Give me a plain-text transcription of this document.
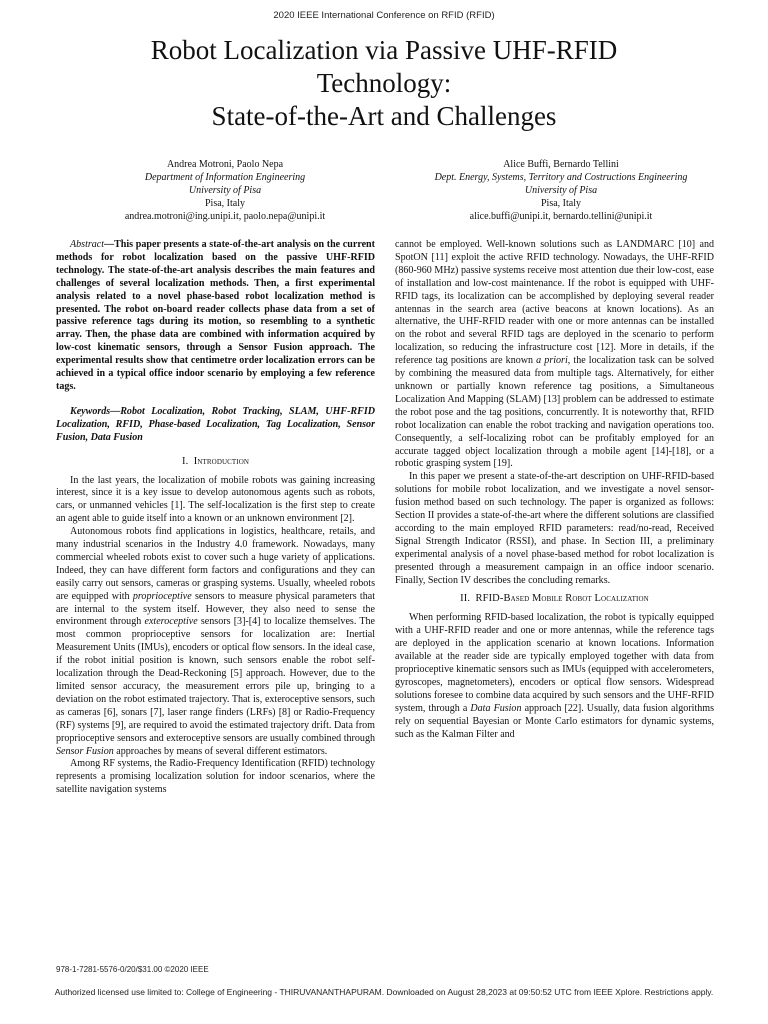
2020 IEEE International Conference on RFID (RFID)
Robot Localization via Passive UHF-RFID
Technology:
State-of-the-Art and Challenges
Andrea Motroni, Paolo Nepa
Department of Information Engineering
University of Pisa
Pisa, Italy
andrea.motroni@ing.unipi.it, paolo.nepa@unipi.it
Alice Buffi, Bernardo Tellini
Dept. Energy, Systems, Territory and Costructions Engineering
University of Pisa
Pisa, Italy
alice.buffi@unipi.it, bernardo.tellini@unipi.it

Abstract—This paper presents a state-of-the-art analysis on the current methods for robot localization based on the passive UHF-RFID technology. The state-of-the-art analysis describes the main features and challenges of several localization methods. Then, a first experimental analysis related to a novel phase-based robot localization method is presented. The robot on-board reader collects phase data from a set of passive reference tags during its motion, so resembling to a synthetic array. Then, the phase data are combined with information acquired by low-cost kinematic sensors, through a Sensor Fusion approach. The experimental results show that centimetre order localization errors can be achieved in a typical office indoor scenario by employing a few reference tags.

Keywords—Robot Localization, Robot Tracking, SLAM, UHF-RFID Localization, RFID, Phase-based Localization, Tag Localization, Sensor Fusion, Data Fusion

I. Introduction

In the last years, the localization of mobile robots was gaining increasing interest, since it is a key issue to develop autonomous agents such as robots, cars, or unmanned vehicles [1]. The self-localization is the first step to create an agent able to guide itself into a known or an unknown environment [2].

Autonomous robots find applications in logistics, healthcare, retails, and many industrial scenarios in the Industry 4.0 framework. Nowadays, many commercial wheeled robots exist to cover such a huge variety of applications. Indeed, they can have different form factors and configurations and they can easily carry out sensors, cameras or grasping systems. Usually, wheeled robots are equipped with proprioceptive sensors to measure physical parameters that are internal to the system itself. However, they also need to sense the environment through exteroceptive sensors [3]-[4] to localize themselves. The most common proprioceptive sensors for localization are: Inertial Measurement Units (IMUs), encoders or optical flow sensors. In the ideal case, if the robot initial position is known, such sensors enable the robot self-localization through the Dead-Reckoning [5] approach. However, due to the limited sensor accuracy, the measurement errors pile up, bringing to a deviation on the robot estimated trajectory. That is, exteroceptive sensors, such as cameras [6], sonars [7], laser range finders (LRFs) [8] or Radio-Frequency (RF) systems [9], are required to avoid the estimated trajectory drift. Data from proprioceptive sensors and exteroceptive sensors are usually combined through Sensor Fusion approaches by means of several different estimators.

Among RF systems, the Radio-Frequency Identification (RFID) technology represents a promising localization solution for indoor scenarios, where the satellite navigation systems

cannot be employed. Well-known solutions such as LANDMARC [10] and SpotON [11] exploit the active RFID technology. Nowadays, the UHF-RFID (860-960 MHz) passive systems receive most attention due their low-cost, ease of installation and low-cost maintenance. If the robot is equipped with UHF-RFID tags, its localization can be accomplished by deploying several reader antennas in the search area (active beacons at known locations). As an alternative, the UHF-RFID reader with one or more antennas can be installed on the robot and several RFID tags are deployed in the scenario to perform localization, so reducing the infrastructure cost [12]. More in details, if the reference tag positions are known a priori, the localization task can be solved by combining the measured data from multiple tags. Alternatively, for either unknown or partially known reference tag positions, a Simultaneous Localization And Mapping (SLAM) [13] problem can be addressed to estimate the robot pose and the tag positions, concurrently. It is noteworthy that, RFID robot localization can enable the robot tracking and navigation operations too. Consequently, a self-localizing robot can be profitably employed for an accurate tagged object localization through a mobile agent [14]-[18], or a robotic grasping system [19].

In this paper we present a state-of-the-art description on UHF-RFID-based solutions for mobile robot localization, and we investigate a novel sensor-fusion method based on such technology. The paper is organized as follows: Section II provides a state-of-the-art where the different solutions are classified according to the main employed RFID parameters: read/no-read, Received Signal Strength Indicator (RSSI), and phase. In Section III, a preliminary experimental analysis of a novel phase-based method for robot localization is presented through a measurement campaign in an office indoor scenario. Finally, Section IV describes the concluding remarks.

II. RFID-Based Mobile Robot Localization

When performing RFID-based localization, the robot is typically equipped with a UHF-RFID reader and one or more antennas, while the reference tags are deployed in the application scenario at known locations. Information available at the reader side are typically employed together with data from proprioceptive kinematic sensors such as IMUs (equipped with accelerometers, gyroscopes, magnetometers), encoders or optical flow sensors. Widespread solutions foresee to combine data acquired by such sensors and the UHF-RFID system, through a Data Fusion approach [22]. Usually, data fusion algorithms rely on sequential Bayesian or Monte Carlo estimators for dynamic systems, such as the Kalman Filter and

978-1-7281-5576-0/20/$31.00 ©2020 IEEE
Authorized licensed use limited to: College of Engineering - THIRUVANANTHAPURAM. Downloaded on August 28,2023 at 09:50:52 UTC from IEEE Xplore. Restrictions apply.
